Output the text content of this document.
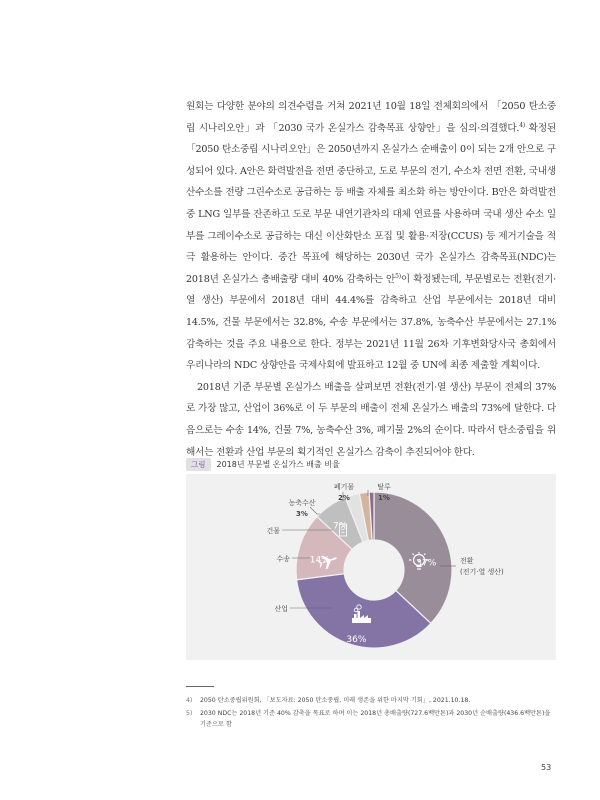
원회는 다양한 분야의 의견수렴을 거쳐 2021년 10월 18일 전체회의에서 「2050 탄소중립 시나리오안」과 「2030 국가 온실가스 감축목표 상향안」을 심의·의결했다.$^{4)}$ 확정된 「2050 탄소중립 시나리오안」은 2050년까지 온실가스 순배출이 0이 되는 2개 안으로 구성되어 있다. A안은 화력발전을 전면 중단하고, 도로 부문의 전기, 수소차 전면 전환, 국내생산수소를 전량 그린수소로 공급하는 등 배출 자체를 최소화 하는 방안이다. B안은 화력발전 중 LNG 일부를 잔존하고 도로 부문 내연기관차의 대체 연료를 사용하며 국내 생산 수소 일부를 그레이수소로 공급하는 대신 이산화탄소 포집 및 활용·저장(CCUS) 등 제거기술을 적극 활용하는 안이다. 중간 목표에 해당하는 2030년 국가 온실가스 감축목표(NDC)는 2018년 온실가스 총배출량 대비 40% 감축하는 안$^{5)}$이 확정됐는데, 부문별로는 전환(전기·열 생산) 부문에서 2018년 대비 44.4%를 감축하고 산업 부문에서는 2018년 대비 14.5%, 건물 부문에서는 32.8%, 수송 부문에서는 37.8%, 농축수산 부문에서는 27.1% 감축하는 것을 주요 내용으로 한다. 정부는 2021년 11월 26차 기후변화당사국 총회에서 우리나라의 NDC 상향안을 국제사회에 발표하고 12월 중 UN에 최종 제출할 계획이다.

2018년 기준 부문별 온실가스 배출을 살펴보면 전환(전기·열 생산) 부문이 전체의 37%로 가장 많고, 산업이 36%로 이 두 부문의 배출이 전체 온실가스 배출의 73%에 달한다. 다음으로는 수송 14%, 건물 7%, 농축수산 3%, 폐기물 2%의 순이다. 따라서 탄소중립을 위해서는 전환과 산업 부문의 획기적인 온실가스 감축이 추진되어야 한다.

그림	2018년 부문별 온실가스 배출 비율
37%
36%
14%
7%
폐기물
2%
탈루
1%
농축수산
3%
건물
수송
산업
전환
(전기·열 생산)
4)	2050 탄소중립위원회, 「보도자료: 2050 탄소중립, 미래 생존을 위한 마지막 기회」, 2021.10.18.
5)	2030 NDC는 2018년 기준 40% 감축을 목표로 하며 이는 2018년 총배출량(727.6백만톤)과 2030년 순배출량(436.6백만톤)을 기준으로 함
53
